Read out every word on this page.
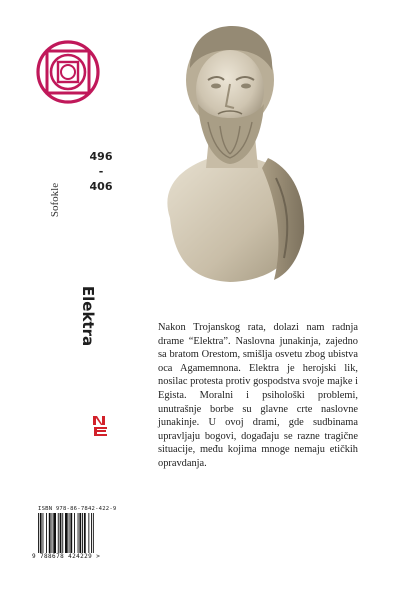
Sofokle
496
-
406
Elektra	Nakon Trojanskog rata, dolazi nam radnja drame “Elektra”. Naslovna junakinja, zajedno sa bratom Orestom, smišlja osvetu zbog ubistva oca Agamemnona. Elektra je herojski lik, nosilac protesta protiv gospodstva svoje majke i Egista. Moralni i psihološki problemi, unutrašnje borbe su glavne crte naslovne junakinje. U ovoj drami, gde sudbinama upravljaju bogovi, događaju se razne tragične situacije, među kojima mnoge nemaju etičkih opravdanja.
ISBN 978-86-7842-422-9
9 788678 424229 >
